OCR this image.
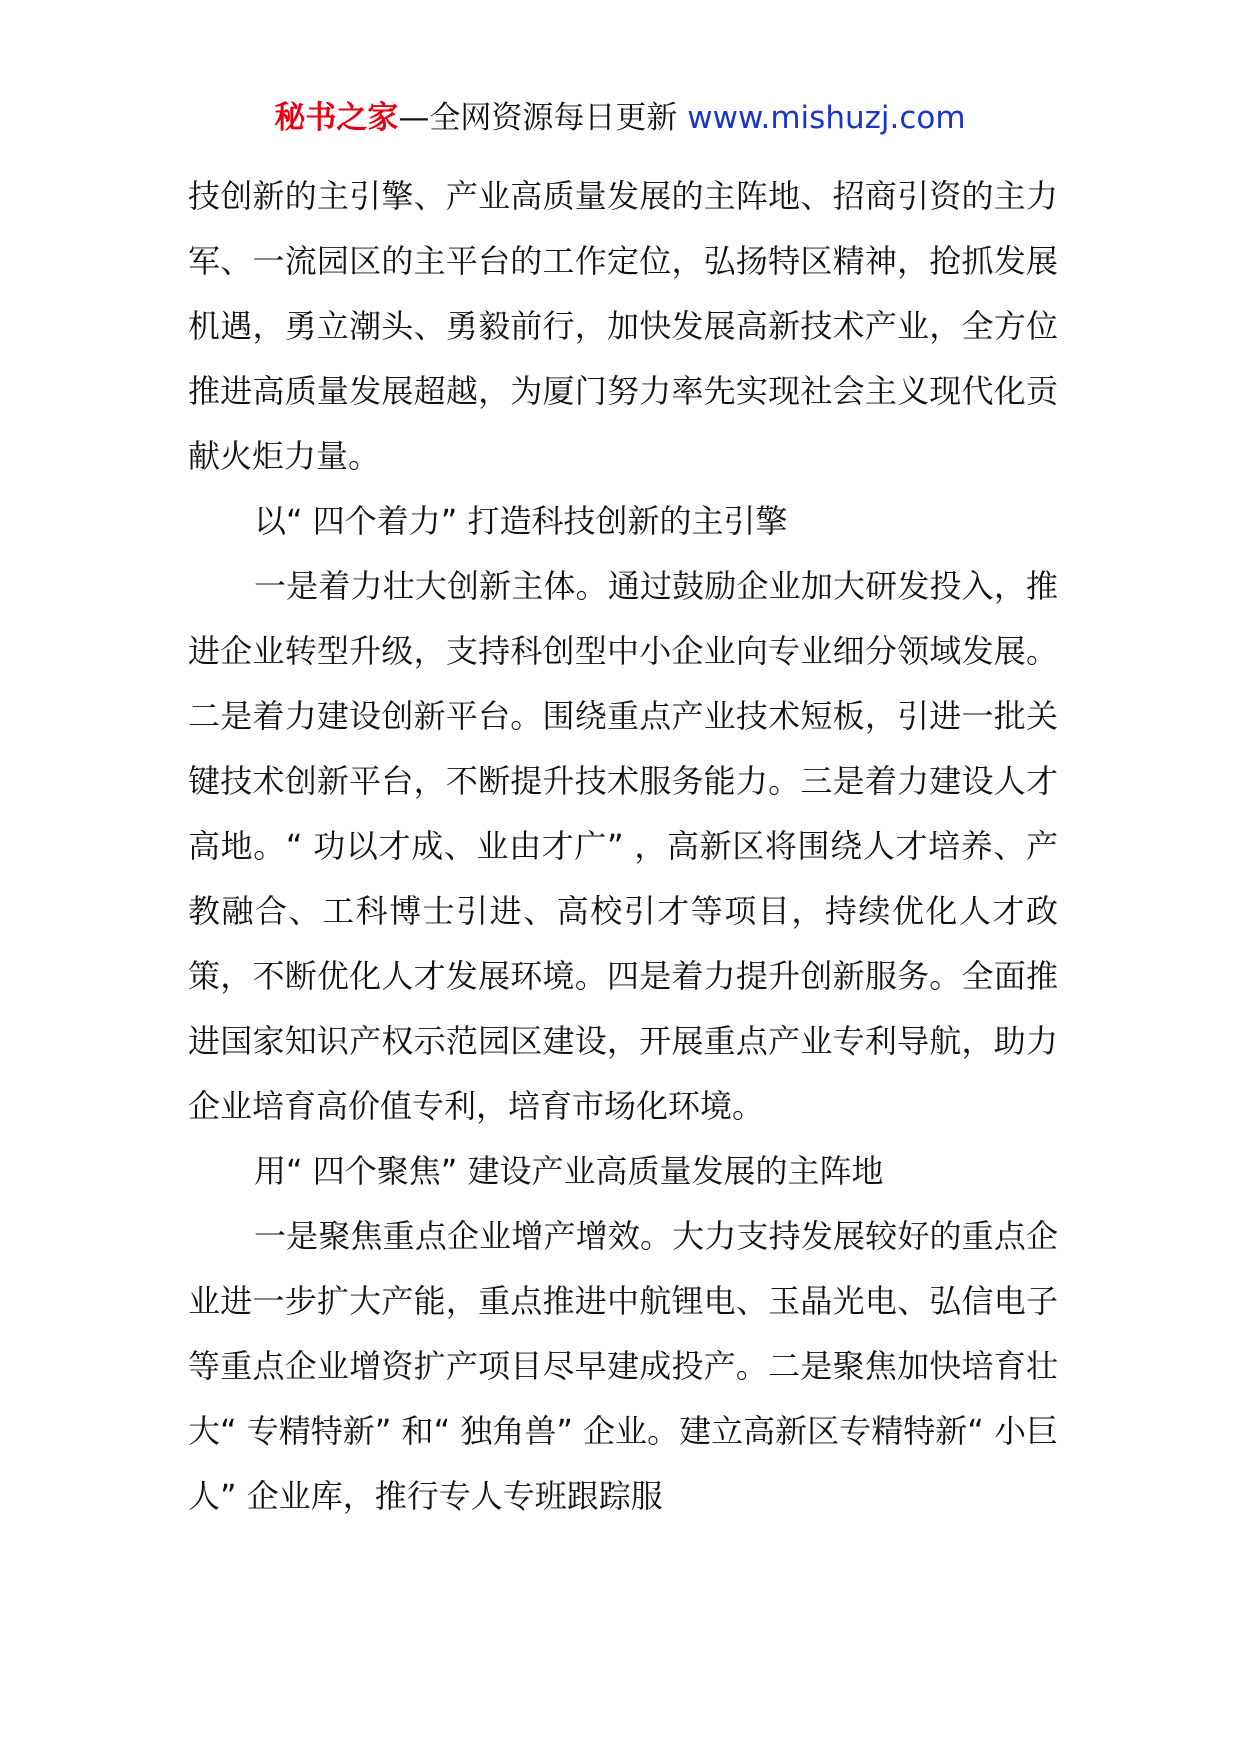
秘书之家—全网资源每日更新 www.mishuzj.com

技创新的主引擎、产业高质量发展的主阵地、招商引资的主力军、一流园区的主平台的工作定位，弘扬特区精神，抢抓发展机遇，勇立潮头、勇毅前行，加快发展高新技术产业，全方位推进高质量发展超越，为厦门努力率先实现社会主义现代化贡献火炬力量。

以“ 四个着力” 打造科技创新的主引擎

一是着力壮大创新主体。通过鼓励企业加大研发投入，推进企业转型升级，支持科创型中小企业向专业细分领域发展。二是着力建设创新平台。围绕重点产业技术短板，引进一批关键技术创新平台，不断提升技术服务能力。三是着力建设人才高地。“ 功以才成、业由才广” ，高新区将围绕人才培养、产教融合、工科博士引进、高校引才等项目，持续优化人才政策，不断优化人才发展环境。四是着力提升创新服务。全面推进国家知识产权示范园区建设，开展重点产业专利导航，助力企业培育高价值专利，培育市场化环境。

用“ 四个聚焦” 建设产业高质量发展的主阵地

一是聚焦重点企业增产增效。大力支持发展较好的重点企业进一步扩大产能，重点推进中航锂电、玉晶光电、弘信电子等重点企业增资扩产项目尽早建成投产。二是聚焦加快培育壮大“ 专精特新” 和“ 独角兽” 企业。建立高新区专精特新“ 小巨人” 企业库，推行专人专班跟踪服
